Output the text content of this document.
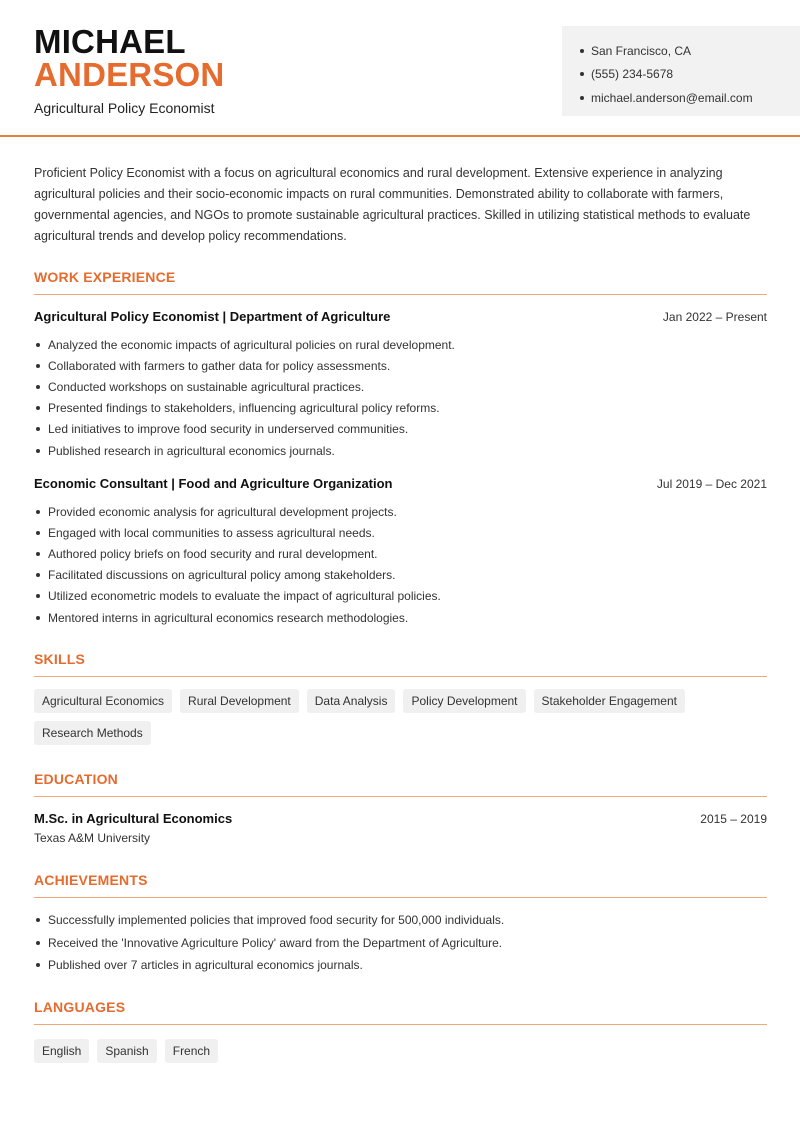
MICHAEL
ANDERSON
Agricultural Policy Economist
San Francisco, CA
(555) 234-5678
michael.anderson@email.com
Proficient Policy Economist with a focus on agricultural economics and rural development. Extensive experience in analyzing agricultural policies and their socio-economic impacts on rural communities. Demonstrated ability to collaborate with farmers, governmental agencies, and NGOs to promote sustainable agricultural practices. Skilled in utilizing statistical methods to evaluate agricultural trends and develop policy recommendations.
WORK EXPERIENCE
Agricultural Policy Economist | Department of Agriculture	Jan 2022 – Present
Analyzed the economic impacts of agricultural policies on rural development.
Collaborated with farmers to gather data for policy assessments.
Conducted workshops on sustainable agricultural practices.
Presented findings to stakeholders, influencing agricultural policy reforms.
Led initiatives to improve food security in underserved communities.
Published research in agricultural economics journals.
Economic Consultant | Food and Agriculture Organization	Jul 2019 – Dec 2021
Provided economic analysis for agricultural development projects.
Engaged with local communities to assess agricultural needs.
Authored policy briefs on food security and rural development.
Facilitated discussions on agricultural policy among stakeholders.
Utilized econometric models to evaluate the impact of agricultural policies.
Mentored interns in agricultural economics research methodologies.
SKILLS
Agricultural Economics	Rural Development	Data Analysis	Policy Development	Stakeholder Engagement
Research Methods
EDUCATION
M.Sc. in Agricultural Economics	2015 – 2019
Texas A&M University
ACHIEVEMENTS
Successfully implemented policies that improved food security for 500,000 individuals.
Received the 'Innovative Agriculture Policy' award from the Department of Agriculture.
Published over 7 articles in agricultural economics journals.
LANGUAGES
English	Spanish	French
